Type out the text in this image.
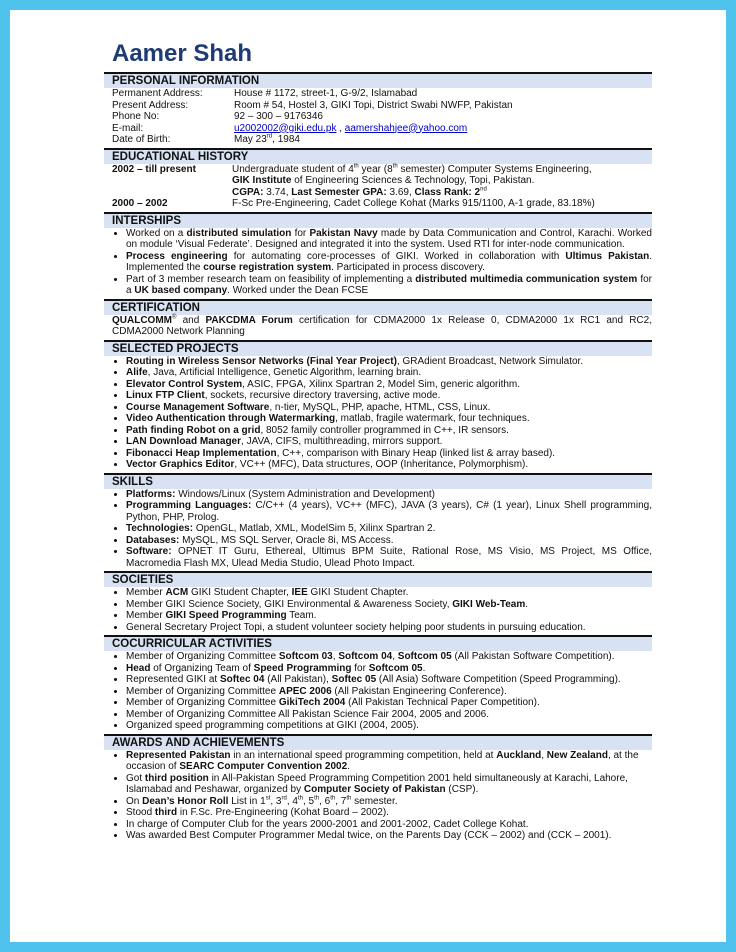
Aamer Shah
PERSONAL INFORMATION
Permanent Address:	House # 1172, street-1, G-9/2, Islamabad
Present Address:	Room # 54, Hostel 3, GIKI Topi, District Swabi NWFP, Pakistan
Phone No:	92 – 300 – 9176346
E-mail:	u2002002@giki.edu.pk , aamershahjee@yahoo.com
Date of Birth:	May 23rd, 1984
EDUCATIONAL HISTORY
2002 – till present	Undergraduate student of 4th year (8th semester) Computer Systems Engineering,
GIK Institute of Engineering Sciences & Technology, Topi, Pakistan.
CGPA: 3.74, Last Semester GPA: 3.69, Class Rank: 2nd
2000 – 2002	F-Sc Pre-Engineering, Cadet College Kohat (Marks 915/1100, A-1 grade, 83.18%)
INTERSHIPS
• Worked on a distributed simulation for Pakistan Navy made by Data Communication and Control, Karachi. Worked on module ‘Visual Federate’. Designed and integrated it into the system. Used RTI for inter-node communication.
• Process engineering for automating core-processes of GIKI. Worked in collaboration with Ultimus Pakistan. Implemented the course registration system. Participated in process discovery.
• Part of 3 member research team on feasibility of implementing a distributed multimedia communication system for a UK based company. Worked under the Dean FCSE
CERTIFICATION
QUALCOMM® and PAKCDMA Forum certification for CDMA2000 1x Release 0, CDMA2000 1x RC1 and RC2, CDMA2000 Network Planning
SELECTED PROJECTS
• Routing in Wireless Sensor Networks (Final Year Project), GRAdient Broadcast, Network Simulator.
• Alife, Java, Artificial Intelligence, Genetic Algorithm, learning brain.
• Elevator Control System, ASIC, FPGA, Xilinx Spartran 2, Model Sim, generic algorithm.
• Linux FTP Client, sockets, recursive directory traversing, active mode.
• Course Management Software, n-tier, MySQL, PHP, apache, HTML, CSS, Linux.
• Video Authentication through Watermarking, matlab, fragile watermark, four techniques.
• Path finding Robot on a grid, 8052 family controller programmed in C++, IR sensors.
• LAN Download Manager, JAVA, CIFS, multithreading, mirrors support.
• Fibonacci Heap Implementation, C++, comparison with Binary Heap (linked list & array based).
• Vector Graphics Editor, VC++ (MFC), Data structures, OOP (Inheritance, Polymorphism).
SKILLS
• Platforms: Windows/Linux (System Administration and Development)
• Programming Languages: C/C++ (4 years), VC++ (MFC), JAVA (3 years), C# (1 year), Linux Shell programming, Python, PHP, Prolog.
• Technologies: OpenGL, Matlab, XML, ModelSim 5, Xilinx Spartran 2.
• Databases: MySQL, MS SQL Server, Oracle 8i, MS Access.
• Software: OPNET IT Guru, Ethereal, Ultimus BPM Suite, Rational Rose, MS Visio, MS Project, MS Office, Macromedia Flash MX, Ulead Media Studio, Ulead Photo Impact.
SOCIETIES
• Member ACM GIKI Student Chapter, IEE GIKI Student Chapter.
• Member GIKI Science Society, GIKI Environmental & Awareness Society, GIKI Web-Team.
• Member GIKI Speed Programming Team.
• General Secretary Project Topi, a student volunteer society helping poor students in pursuing education.
COCURRICULAR ACTIVITIES
• Member of Organizing Committee Softcom 03, Softcom 04, Softcom 05 (All Pakistan Software Competition).
• Head of Organizing Team of Speed Programming for Softcom 05.
• Represented GIKI at Softec 04 (All Pakistan), Softec 05 (All Asia) Software Competition (Speed Programming).
• Member of Organizing Committee APEC 2006 (All Pakistan Engineering Conference).
• Member of Organizing Committee GikiTech 2004 (All Pakistan Technical Paper Competition).
• Member of Organizing Committee All Pakistan Science Fair 2004, 2005 and 2006.
• Organized speed programming competitions at GIKI (2004, 2005).
AWARDS AND ACHIEVEMENTS
• Represented Pakistan in an international speed programming competition, held at Auckland, New Zealand, at the occasion of SEARC Computer Convention 2002.
• Got third position in All-Pakistan Speed Programming Competition 2001 held simultaneously at Karachi, Lahore, Islamabad and Peshawar, organized by Computer Society of Pakistan (CSP).
• On Dean’s Honor Roll List in 1st, 3rd, 4th, 5th, 6th, 7th semester.
• Stood third in F.Sc. Pre-Engineering (Kohat Board – 2002).
• In charge of Computer Club for the years 2000-2001 and 2001-2002, Cadet College Kohat.
• Was awarded Best Computer Programmer Medal twice, on the Parents Day (CCK – 2002) and (CCK – 2001).
